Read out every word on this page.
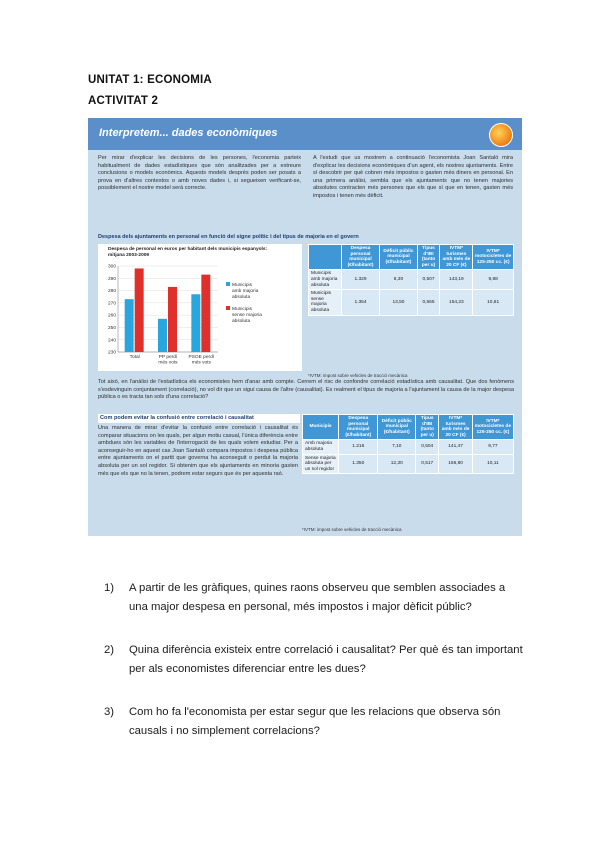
UNITAT 1: ECONOMIA
ACTIVITAT 2
Interpretem... dades econòmiques
Per mirar d'explicar les decisions de les persones, l'economia parteix habitualment de dades estadístiques que són analitzades per a extreure conclusions o models econòmics. Aquests models després poden ser posats a prova en d'altres contextos o amb noves dades i, si segueixen verificant-se, possiblement el nostre model serà correcte.
A l'estudi que us mostrem a continuació l'economista Joan Santaló mira d'explicar les decisions econòmiques d'un agent, els nostres ajuntaments. Entre sí descobrir per què cobren més impostos o gasten més diners en personal. En una primera anàlisi, sembla que els ajuntaments que no tenen majories absolutes contracten més persones que els que sí que en tenen, gasten més impostos i tenen més dèficit.
Despesa dels ajuntaments en personal en funció del signe polític i del tipus de majoria en el govern
Despesa de personal en euros per habitant dels municipis espanyols: mitjana 2003-2009
300
290
280
270
260
250
240
230
Total	PP perdí
més vots
PSOE perdí
més vots
Municipis
amb majoria
absoluta
Municipis
sense majoria
absoluta
	Despesa personal municipal (€/habitant)	Dèficit públic municipal (€/habitant)	Tipus d'IBI (tanto per u)	IVTM* turismes amb més de 20 CF (€)	IVTM* motocicletes de 125-250 cc. (€)
Municipis amb majoria absoluta	1.329	8,30	0,507	143,19	9,88
Municipis sense majoria absoluta	1.354	13,50	0,565	154,23	10,61
*IVTM: impost sobre vehicles de tracció mecànica
Tot això, en l'anàlisi de l'estadística els economistes hem d'anar amb compte. Cerrem el risc de confondre correlació estadística amb causalitat. Que dos fenòmens s'esdevinguin conjuntament (correlació), no vol dir que un sigui causa de l'altre (causalitat). Es realment el tipus de majoria a l'ajuntament la causa de la major despesa pública o es tracta tan sols d'una correlació?
Com podem evitar la confusió entre correlació i causalitat
Una manera de mirar d'evitar la confusió entre correlació i causalitat és comparar situacions on les quals, per algun motiu casual, l'única diferència entre ambdues són les variables de l'interrogació de les quals volem estudiar. Per a aconseguir-ho en aquest cas Joan Santaló compara impostos i despesa pública entre ajuntaments on el partit que governa ha aconseguit o perdut la majoria absoluta per un sol regidor. Si obtenim que els ajuntaments en minoria gasten més que els que no la tenen, podrem estar segurs que és per aquesta raó.
Municipis	Despesa personal municipal (€/habitant)	Dèficit públic municipal (€/habitant)	Tipus d'IBI (tanto per u)	IVTM* turismes amb més de 20 CF (€)	IVTM* motocicletes de 125-250 cc. (€)
Amb majoria absoluta	1.216	7,10	0,504	141,47	9,77
Sense majoria absoluta per un sol regidor	1.350	12,30	0,517	166,80	10,11
*IVTM: impost sobre vehicles de tracció mecànica
1) A partir de les gràfiques, quines raons observeu que semblen associades a una major despesa en personal, més impostos i major dèficit públic?
2) Quina diferència existeix entre correlació i causalitat? Per què és tan important per als economistes diferenciar entre les dues?
3) Com ho fa l'economista per estar segur que les relacions que observa són causals i no simplement correlacions?
